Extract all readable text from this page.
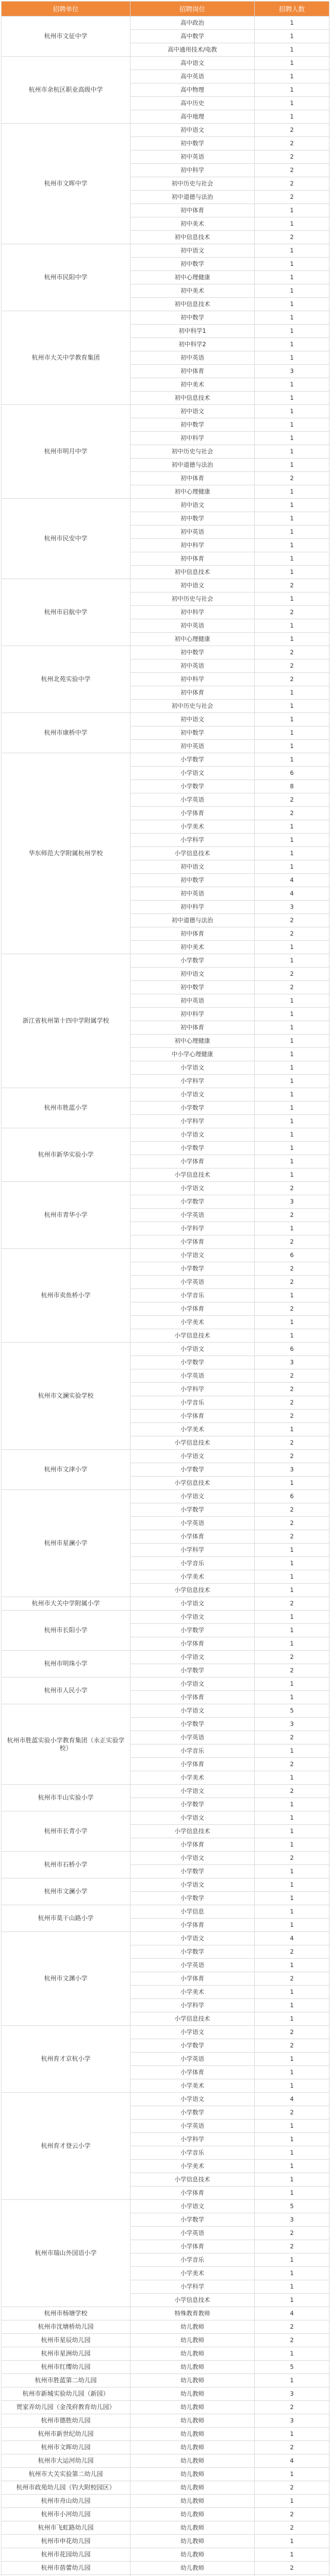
招聘单位	招聘岗位	招聘人数
杭州市文征中学	高中政治	1
	高中数学	1
	高中通用技术/电教	1
杭州市余杭区职业高级中学	高中语文	1
	高中英语	1
	高中物理	1
	高中历史	1
	高中地理	1
杭州市文晖中学	初中语文	2
	初中数学	2
	初中英语	2
	初中科学	2
	初中历史与社会	2
	初中道德与法治	2
	初中体育	1
	初中美术	1
	初中信息技术	2
杭州市民阳中学	初中语文	1
	初中数学	1
	初中心理健康	1
	初中美术	1
	初中信息技术	1
杭州市大关中学教育集团	初中数学	1
	初中科学1	1
	初中科学2	1
	初中英语	1
	初中体育	3
	初中美术	1
	初中信息技术	1
杭州市明月中学	初中语文	1
	初中数学	1
	初中科学	1
	初中历史与社会	1
	初中道德与法治	1
	初中体育	2
	初中心理健康	1
杭州市民安中学	初中语文	1
	初中数学	1
	初中英语	1
	初中科学	1
	初中体育	1
	初中信息技术	1
杭州市启航中学	初中语文	2
	初中历史与社会	1
	初中科学	2
	初中英语	1
	初中心理健康	1
杭州北苑实验中学	初中数学	2
	初中英语	2
	初中科学	2
	初中体育	1
	初中历史与社会	1
杭州市康桥中学	初中语文	1
	初中数学	1
	初中英语	1
华东师范大学附属杭州学校	小学数学	1
	小学语文	6
	小学数学	8
	小学英语	2
	小学体育	2
	小学美术	1
	小学科学	1
	小学信息技术	1
	初中语文	1
	初中数学	4
	初中英语	4
	初中科学	3
	初中道德与法治	2
	初中体育	2
	初中美术	1
浙江省杭州第十四中学附属学校	小学数学	1
	初中语文	2
	初中数学	2
	初中英语	1
	初中科学	1
	初中体育	1
	初中心理健康	1
	中小学心理健康	1
	小学语文	1
	小学科学	1
杭州市胜蓝小学	小学语文	1
	小学数学	1
	小学科学	1
杭州市新华实验小学	小学语文	1
	小学数学	1
	小学体育	1
	小学信息技术	1
杭州市青华小学	小学语文	2
	小学数学	3
	小学英语	2
	小学科学	1
	小学体育	2
杭州市卖鱼桥小学	小学语文	6
	小学数学	2
	小学英语	2
	小学音乐	1
	小学体育	2
	小学美术	1
	小学信息技术	1
杭州市文澜实验学校	小学语文	6
	小学数学	3
	小学英语	2
	小学科学	2
	小学音乐	2
	小学体育	2
	小学美术	1
	小学信息技术	2
杭州市文津小学	小学语文	2
	小学数学	3
	小学信息技术	1
杭州市星澜小学	小学语文	6
	小学数学	2
	小学英语	2
	小学体育	2
	小学科学	1
	小学音乐	1
	小学美术	1
	小学信息技术	1
杭州市大关中学附属小学	小学语文	2
杭州市长阳小学	小学语文	1
	小学数学	1
	小学体育	1
杭州市明珠小学	小学语文	2
	小学数学	2
杭州市人民小学	小学语文	1
	小学体育	1
杭州市胜蓝实验小学教育集团（永正实验学校）	小学语文	5
	小学数学	3
	小学英语	2
	小学音乐	1
	小学体育	2
	小学美术	1
杭州市半山实验小学	小学语文	2
	小学数学	1
杭州市长青小学	小学语文	1
	小学信息技术	1
	小学体育	1
杭州市石桥小学	小学语文	2
	小学数学	1
杭州市文澜小学	小学语文	1
	小学数学	1
杭州市莫干山路小学	小学信息	1
	小学体育	1
杭州市文渊小学	小学语文	4
	小学数学	2
	小学英语	1
	小学体育	2
	小学美术	1
	小学科学	1
	小学信息技术	1
杭州育才京杭小学	小学语文	2
	小学数学	2
	小学英语	1
	小学体育	1
	小学美术	1
杭州育才登云小学	小学语文	4
	小学数学	2
	小学英语	1
	小学科学	1
	小学音乐	1
	小学美术	1
	小学信息技术	1
	小学体育	1
杭州市瑞山外国语小学	小学语文	5
	小学数学	3
	小学英语	2
	小学体育	2
	小学音乐	1
	小学美术	1
	小学科学	1
	小学信息技术	1
杭州市杨塘学校	特殊教育教师	4
杭州市沈塘桥幼儿园	幼儿教师	2
杭州市星辰幼儿园	幼儿教师	2
杭州市星洲幼儿园	幼儿教师	1
杭州市红缨幼儿园	幼儿教师	5
杭州市胜蓝第二幼儿园	幼儿教师	1
杭州市新城实验幼儿园（新园）	幼儿教师	3
贾家弄幼儿园（金茂府教育幼儿园）	幼儿教师	2
杭州市德胜幼儿园	幼儿教师	3
杭州市新世纪幼儿园	幼儿教师	1
杭州市文晖幼儿园	幼儿教师	2
杭州市大运河幼儿园	幼儿教师	4
杭州市大关实验第二幼儿园	幼儿教师	1
杭州市政苑幼儿园（钓大附校园区）	幼儿教师	2
杭州市舟山幼儿园	幼儿教师	1
杭州市小河幼儿园	幼儿教师	2
杭州市飞虹路幼儿园	幼儿教师	2
杭州市申花幼儿园	幼儿教师	1
杭州市花园幼儿园	幼儿教师	1
杭州市蓓蕾幼儿园	幼儿教师	2
